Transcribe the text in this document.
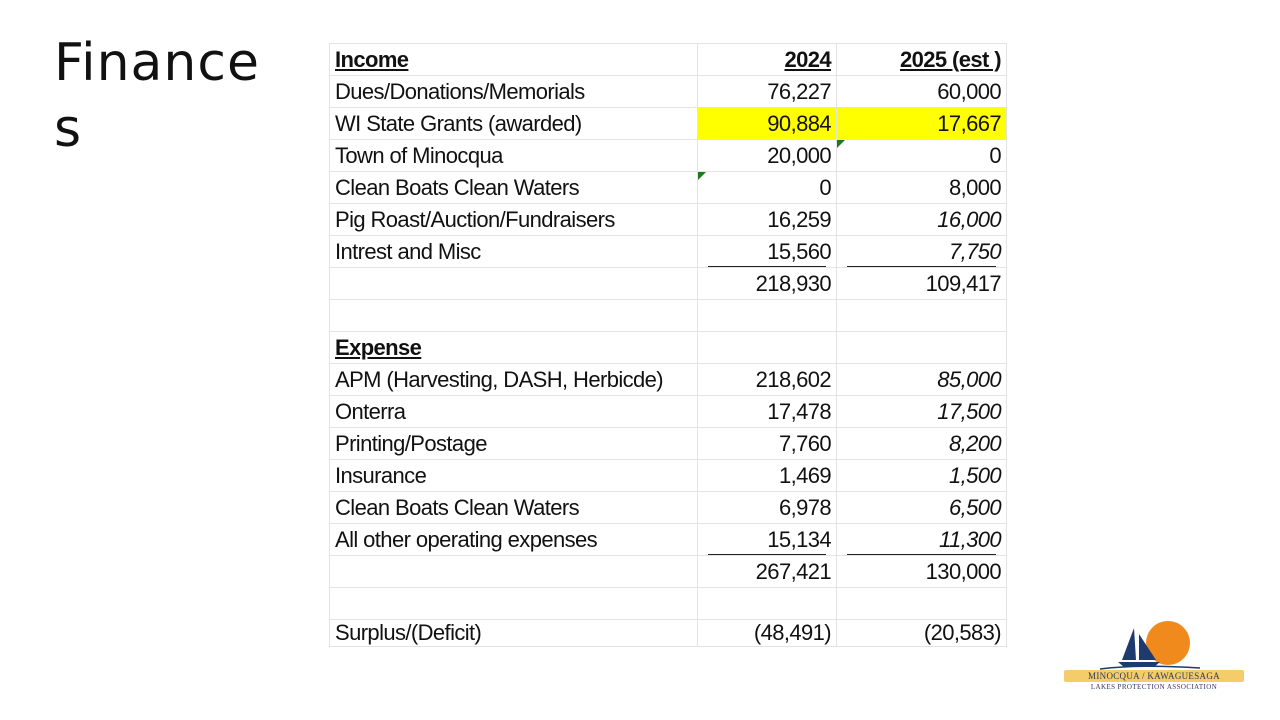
Finances
Income	2024	2025 (est )
Dues/Donations/Memorials	76,227	60,000
WI State Grants (awarded)	90,884	17,667
Town of Minocqua	20,000	0
Clean Boats Clean Waters	0	8,000
Pig Roast/Auction/Fundraisers	16,259	16,000
Intrest and Misc	15,560	7,750
	218,930	109,417

Expense		
APM (Harvesting, DASH, Herbicde)	218,602	85,000
Onterra	17,478	17,500
Printing/Postage	7,760	8,200
Insurance	1,469	1,500
Clean Boats Clean Waters	6,978	6,500
All other operating expenses	15,134	11,300
	267,421	130,000

Surplus/(Deficit)	(48,491)	(20,583)
MINOCQUA / KAWAGUESAGA
LAKES PROTECTION ASSOCIATION
